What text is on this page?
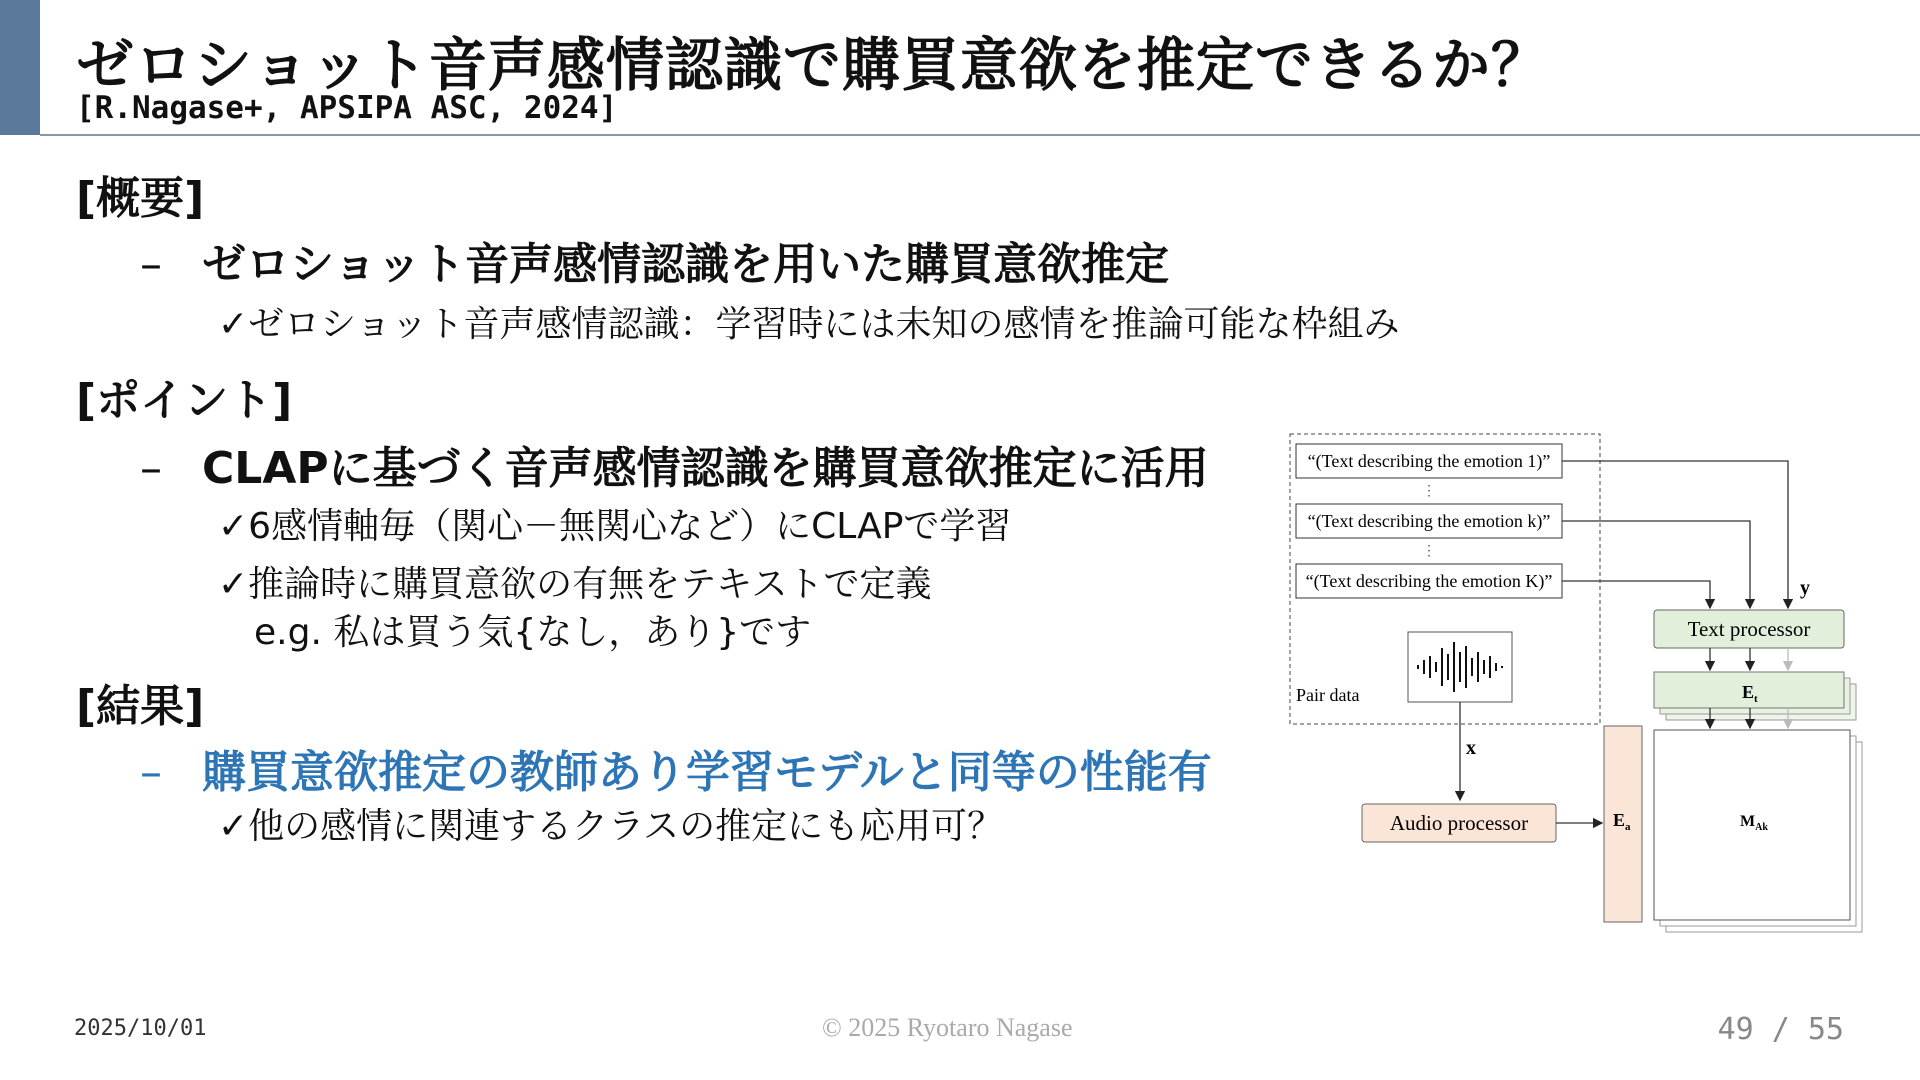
ゼロショット音声感情認識で購買意欲を推定できるか？
[R.Nagase+, APSIPA ASC, 2024]
[概要]
– ゼロショット音声感情認識を用いた購買意欲推定
✓ゼロショット音声感情認識：学習時には未知の感情を推論可能な枠組み
[ポイント]
– CLAPに基づく音声感情認識を購買意欲推定に活用
✓6感情軸毎（関心－無関心など）にCLAPで学習
✓推論時に購買意欲の有無をテキストで定義
e.g. 私は買う気{なし，あり}です
[結果]
– 購買意欲推定の教師あり学習モデルと同等の性能有
✓他の感情に関連するクラスの推定にも応用可？
“(Text describing the emotion 1)”
⋮
“(Text describing the emotion k)”
⋮
“(Text describing the emotion K)”	y
Text processor
$E_t$
$M_{Ak}$
Pair data
x
Audio processor	$E_a$
2025/10/01	© 2025 Ryotaro Nagase	49 / 55
